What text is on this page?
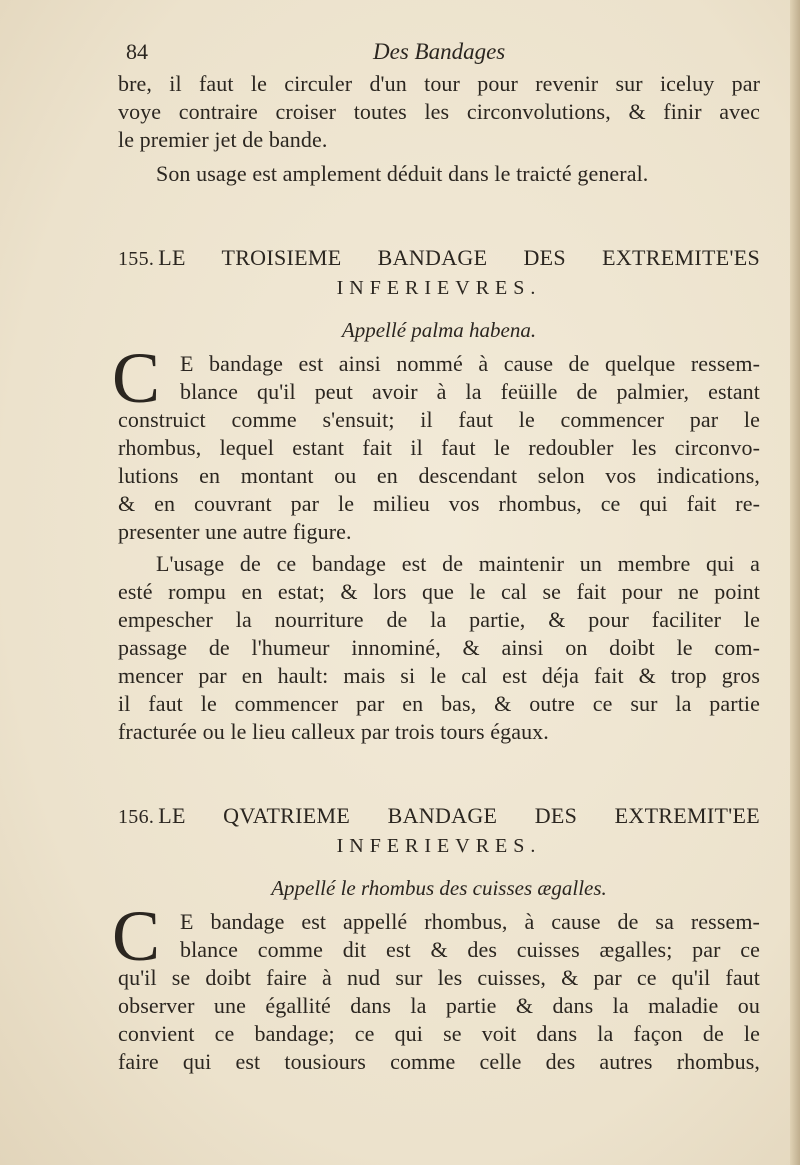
84	Des Bandages
bre, il faut le circuler d'un tour pour revenir sur iceluy par
voye contraire croiser toutes les circonvolutions, & finir avec
le premier jet de bande.
Son usage est amplement déduit dans le traicté general.
155. LE TROISIEME BANDAGE DES EXTREMITE'ES
INFERIEVRES.
Appellé palma habena.
C E bandage est ainsi nommé à cause de quelque ressem-
blance qu'il peut avoir à la feüille de palmier, estant
construict comme s'ensuit; il faut le commencer par le
rhombus, lequel estant fait il faut le redoubler les circonvo-
lutions en montant ou en descendant selon vos indications,
& en couvrant par le milieu vos rhombus, ce qui fait re-
presenter une autre figure.
L'usage de ce bandage est de maintenir un membre qui a
esté rompu en estat; & lors que le cal se fait pour ne point
empescher la nourriture de la partie, & pour faciliter le
passage de l'humeur innominé, & ainsi on doibt le com-
mencer par en hault: mais si le cal est déja fait & trop gros
il faut le commencer par en bas, & outre ce sur la partie
fracturée ou le lieu calleux par trois tours égaux.
156. LE QVATRIEME BANDAGE DES EXTREMIT'EE
INFERIEVRES.
Appellé le rhombus des cuisses ægalles.
C E bandage est appellé rhombus, à cause de sa ressem-
blance comme dit est & des cuisses ægalles; par ce
qu'il se doibt faire à nud sur les cuisses, & par ce qu'il faut
observer une égallité dans la partie & dans la maladie ou
convient ce bandage; ce qui se voit dans la façon de le
faire qui est tousiours comme celle des autres rhombus,
